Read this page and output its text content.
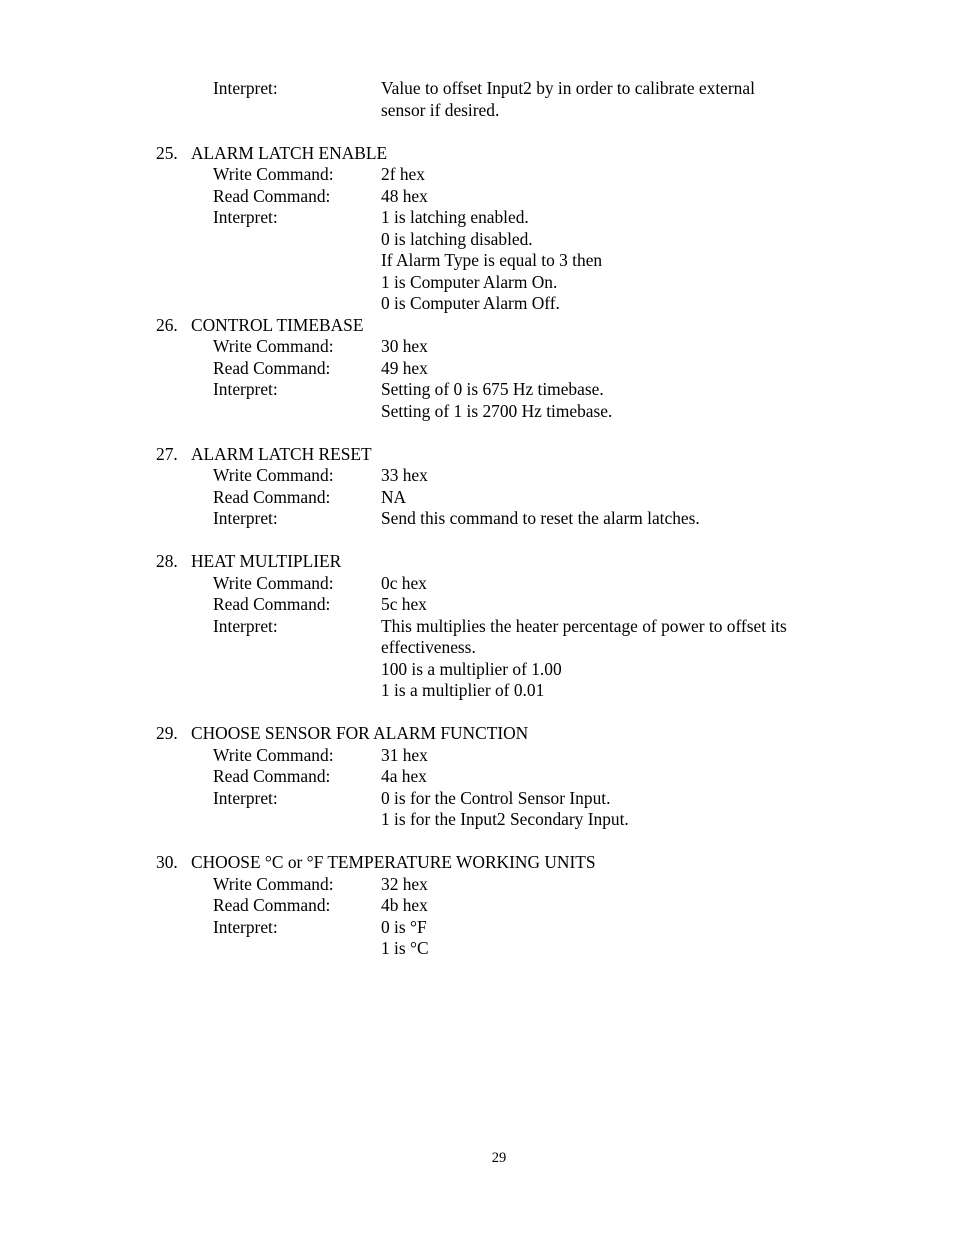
Interpret:	Value to offset Input2 by in order to calibrate external
sensor if desired.
25. ALARM LATCH ENABLE
Write Command:	2f hex
Read Command:	48 hex
Interpret:	1 is latching enabled.
0 is latching disabled.
If Alarm Type is equal to 3 then
1 is Computer Alarm On.
0 is Computer Alarm Off.
26. CONTROL TIMEBASE
Write Command:	30 hex
Read Command:	49 hex
Interpret:	Setting of 0 is 675 Hz timebase.
Setting of 1 is 2700 Hz timebase.
27. ALARM LATCH RESET
Write Command:	33 hex
Read Command:	NA
Interpret:	Send this command to reset the alarm latches.
28. HEAT MULTIPLIER
Write Command:	0c hex
Read Command:	5c hex
Interpret:	This multiplies the heater percentage of power to offset its
effectiveness.
100 is a multiplier of 1.00
1 is a multiplier of 0.01
29. CHOOSE SENSOR FOR ALARM FUNCTION
Write Command:	31 hex
Read Command:	4a hex
Interpret:	0 is for the Control Sensor Input.
1 is for the Input2 Secondary Input.
30. CHOOSE °C or °F TEMPERATURE WORKING UNITS
Write Command:	32 hex
Read Command:	4b hex
Interpret:	0 is °F
1 is °C
29
